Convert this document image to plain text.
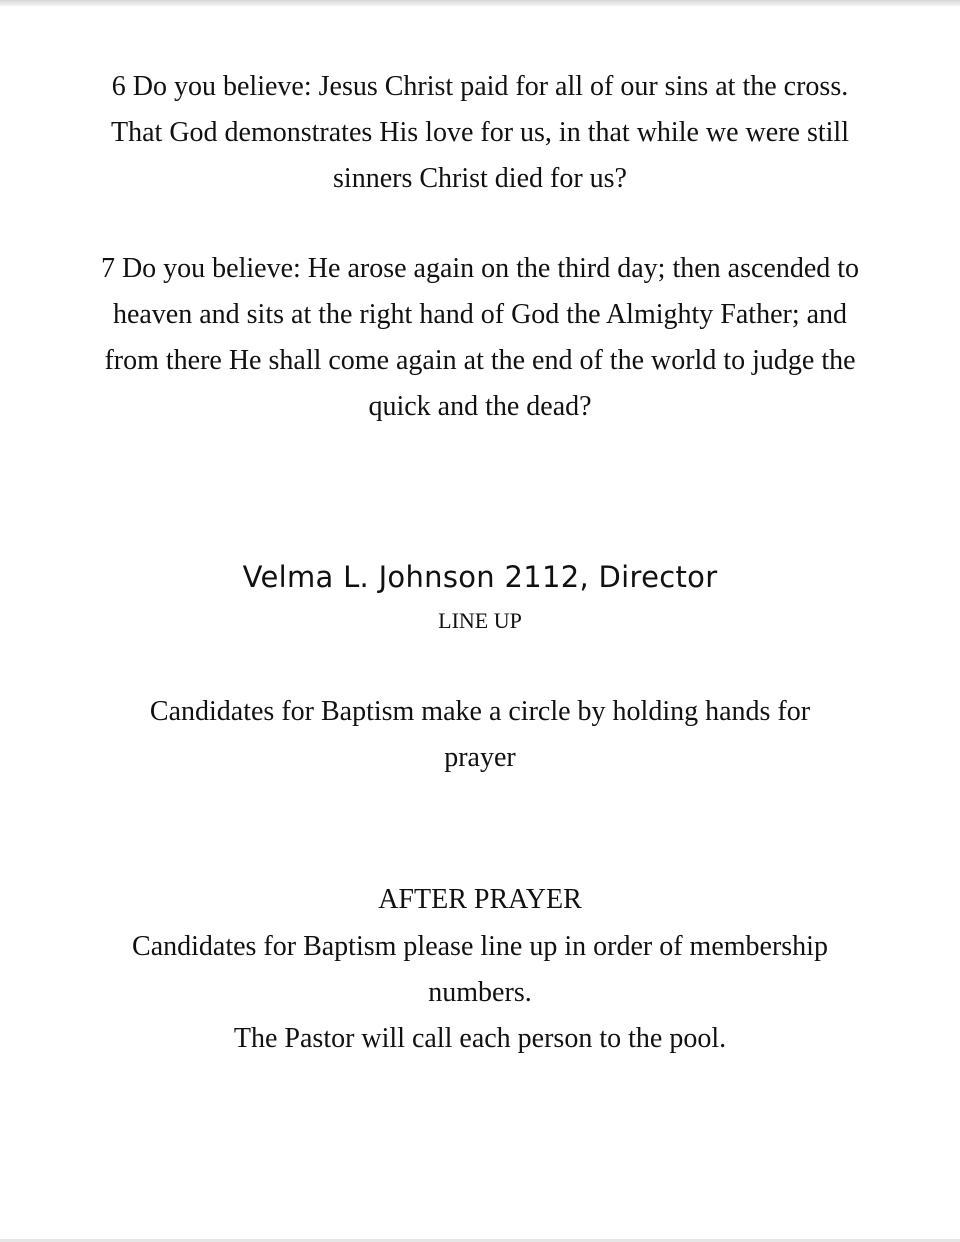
6 Do you believe: Jesus Christ paid for all of our sins at the cross.
That God demonstrates His love for us, in that while we were still
sinners Christ died for us?

7 Do you believe: He arose again on the third day; then ascended to
heaven and sits at the right hand of God the Almighty Father; and
from there He shall come again at the end of the world to judge the
quick and the dead?

Velma L. Johnson 2112, Director
LINE UP

Candidates for Baptism make a circle by holding hands for
prayer

AFTER PRAYER

Candidates for Baptism please line up in order of membership
numbers.
The Pastor will call each person to the pool.
